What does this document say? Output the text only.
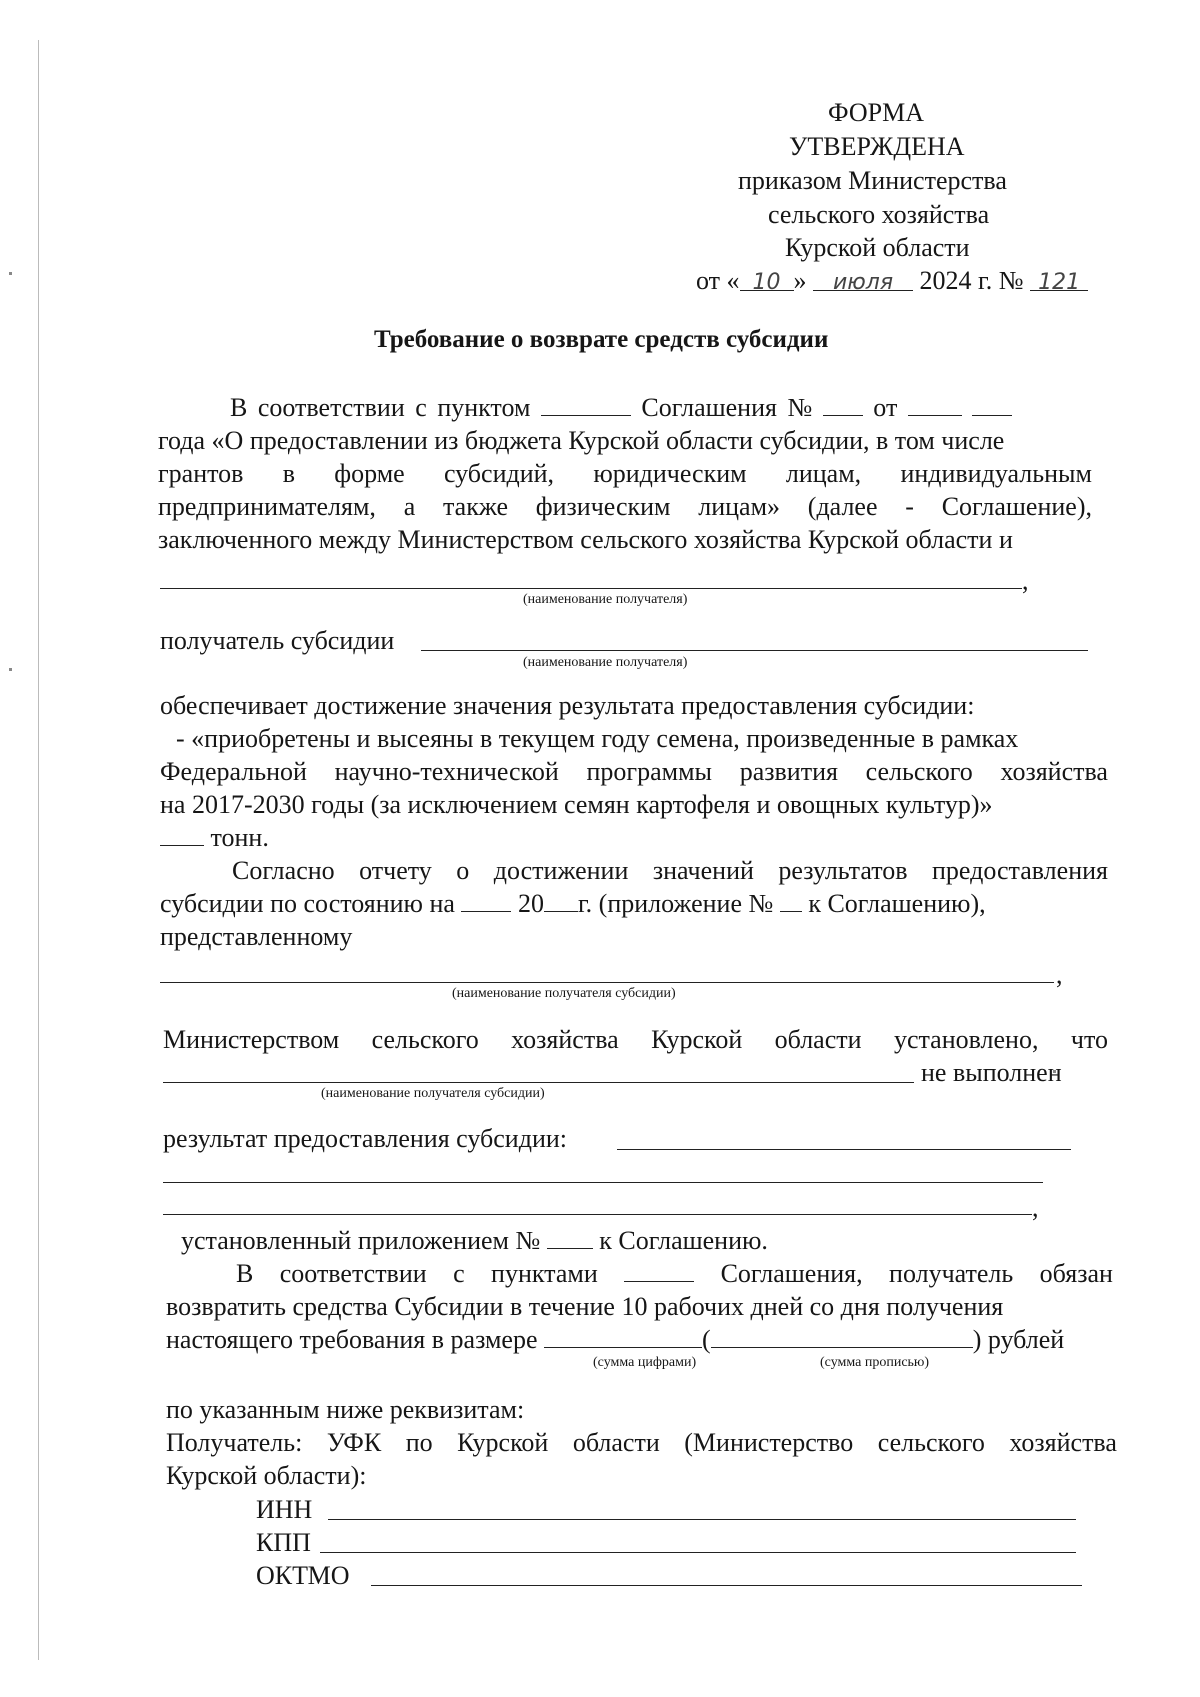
ФОРМА
УТВЕРЖДЕНА
приказом Министерства
сельского хозяйства
Курской области
от « 10 » июля 2024 г. № 121
Требование о возврате средств субсидии
В соответствии с пунктом	Соглашения № от
года «О предоставлении из бюджета Курской области субсидии, в том числе
грантов в форме субсидий, юридическим лицам, индивидуальным
предпринимателям, а также физическим лицам» (далее - Соглашение),
заключенного между Министерством сельского хозяйства Курской области и
,
(наименование получателя)
получатель субсидии
(наименование получателя)
обеспечивает достижение значения результата предоставления субсидии:
- «приобретены и высеяны в текущем году семена, произведенные в рамках
Федеральной научно-технической программы развития сельского хозяйства
на 2017-2030 годы (за исключением семян картофеля и овощных культур)»
тонн.
Согласно отчету о достижении значений результатов предоставления
субсидии по состоянию на 20 г. (приложение № к Соглашению),
представленному
,
(наименование получателя субсидии)
Министерством сельского хозяйства Курской области установлено, что
не выполнен
(наименование получателя субсидии)
результат предоставления субсидии:
,
установленный приложением № к Соглашению.
В соответствии с пунктами	Соглашения, получатель обязан
возвратить средства Субсидии в течение 10 рабочих дней со дня получения
настоящего требования в размере	(	) рублей
(сумма цифрами)	(сумма прописью)
по указанным ниже реквизитам:
Получатель: УФК по Курской области (Министерство сельского хозяйства
Курской области):
ИНН
КПП
ОКТМО
